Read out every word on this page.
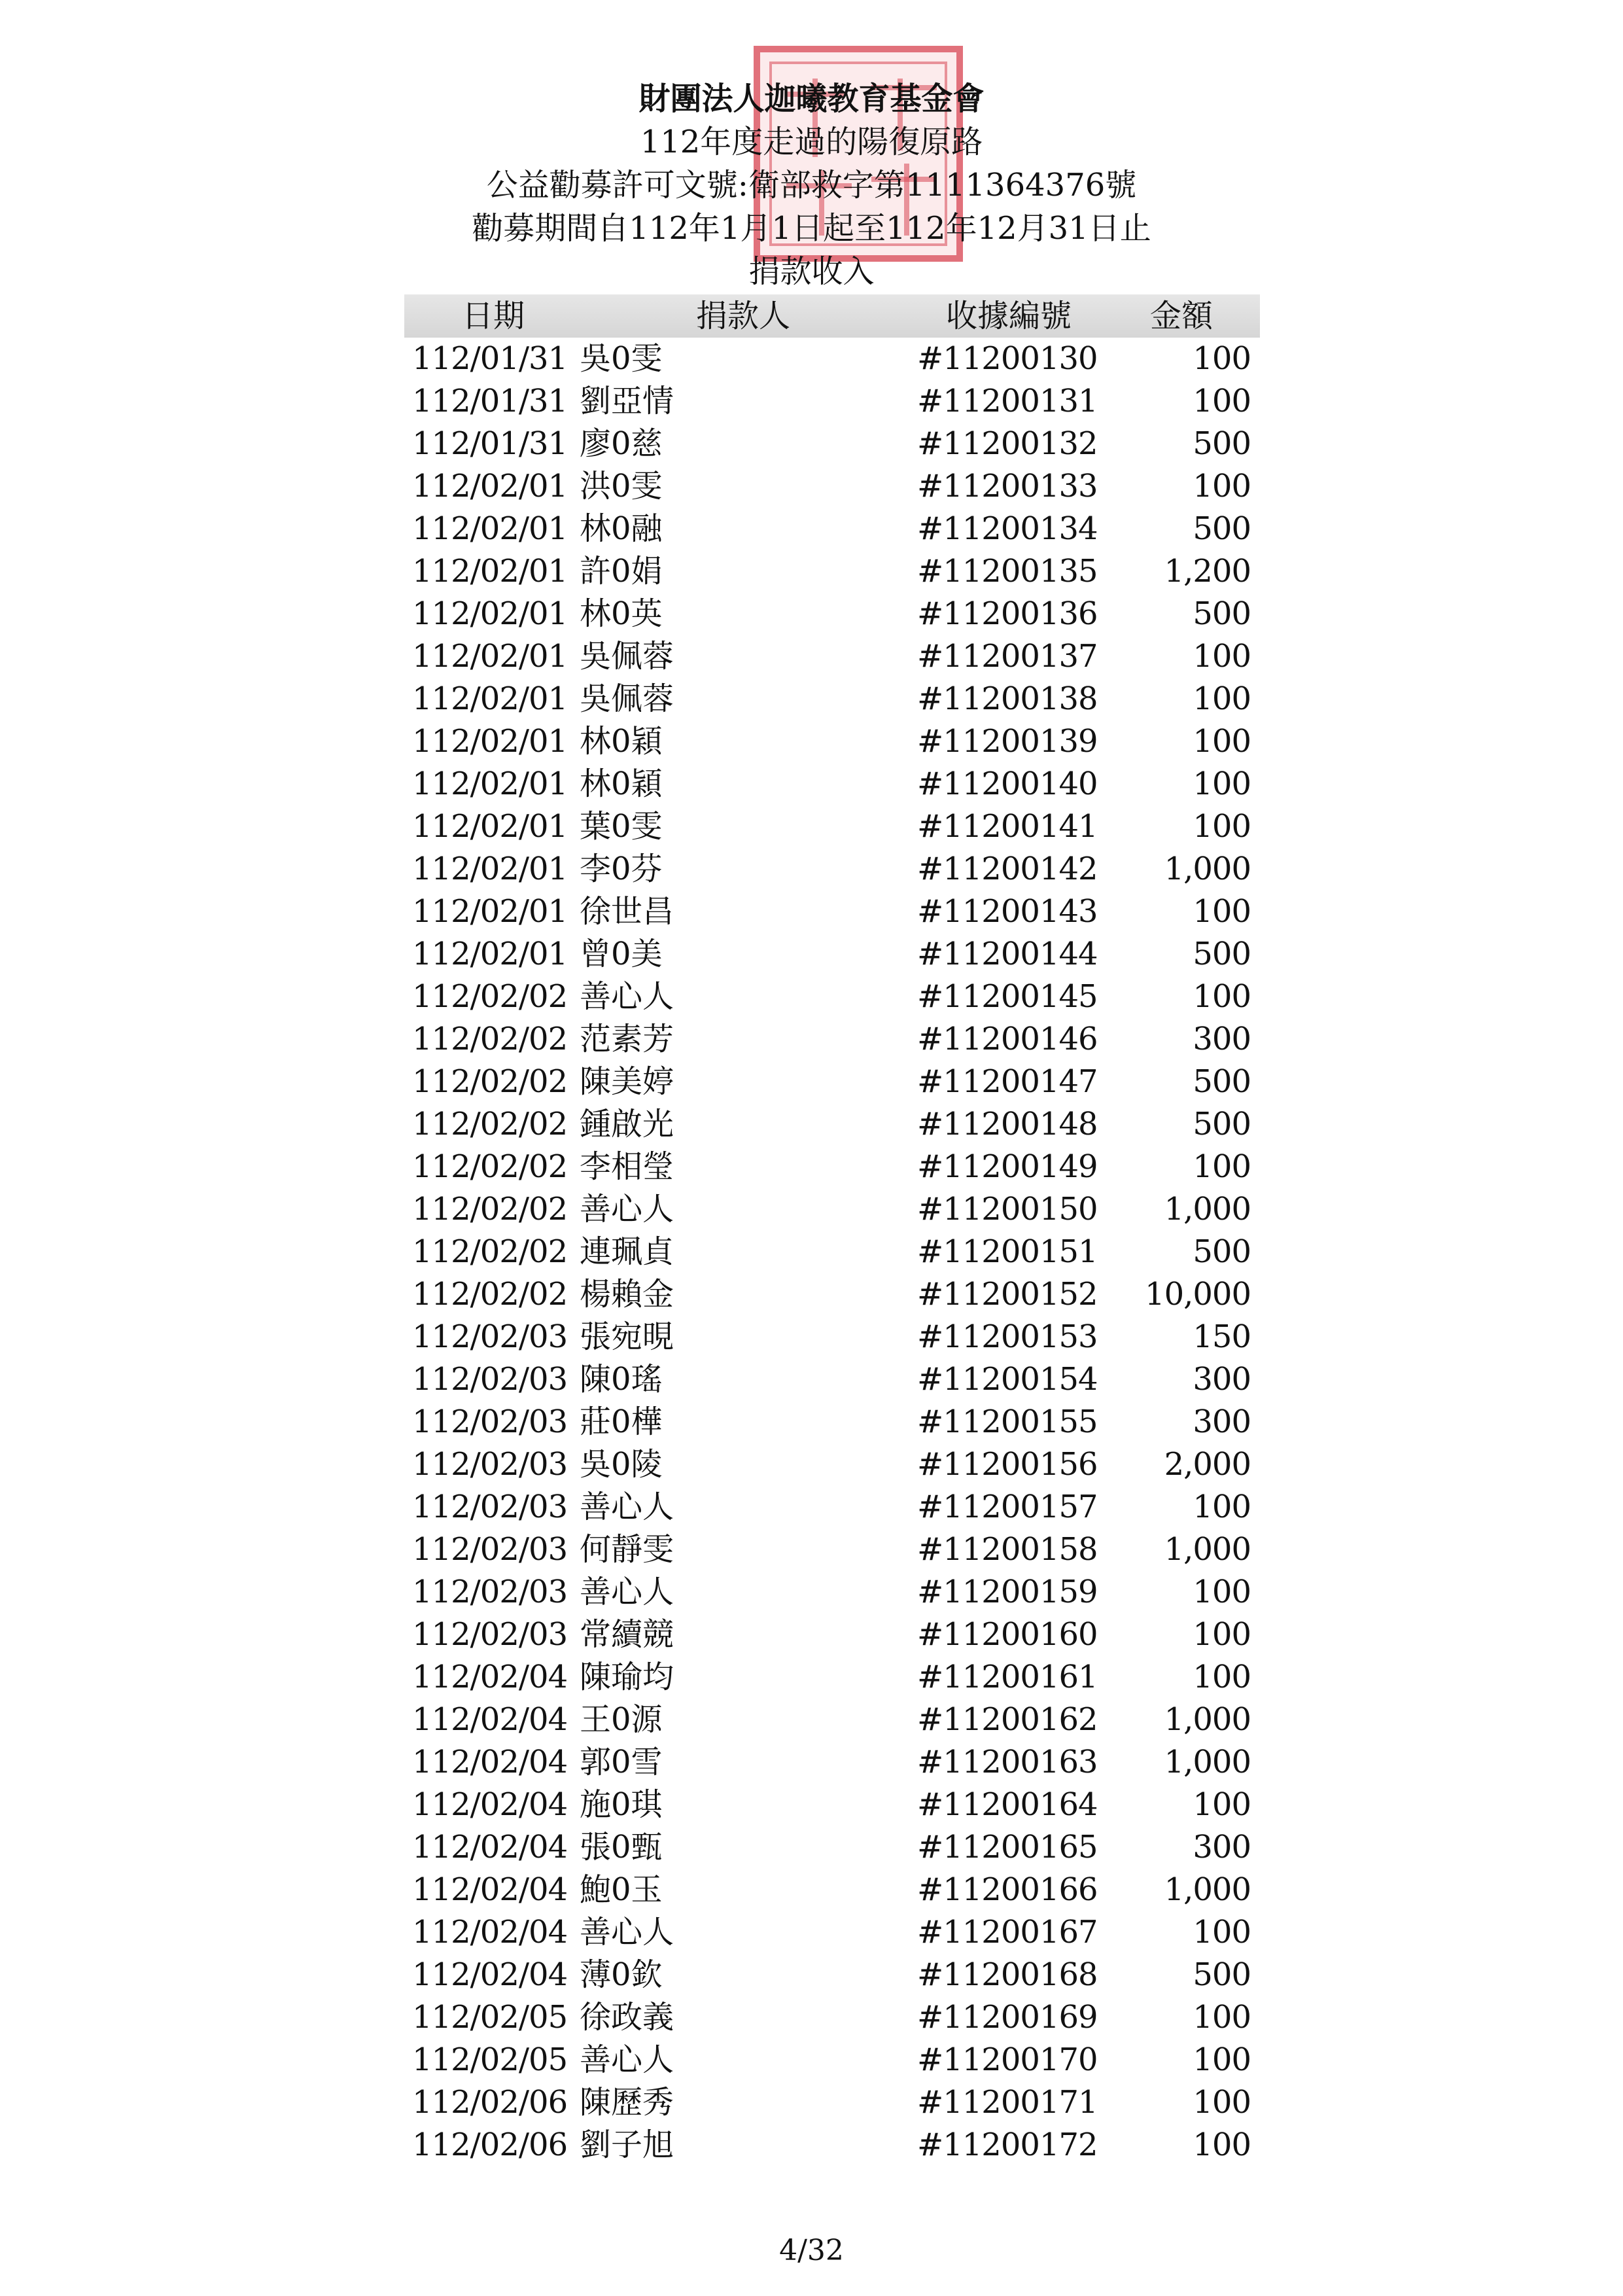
財團法人迦曦教育基金會
112年度走過的陽復原路
公益勸募許可文號:衛部救字第1111364376號
勸募期間自112年1月1日起至112年12月31日止
捐款收入
日期	捐款人	收據編號 金額
112/01/31 吳0雯	#11200130	100
112/01/31 劉亞情	#11200131	100
112/01/31 廖0慈	#11200132	500
112/02/01 洪0雯	#11200133	100
112/02/01 林0融	#11200134	500
112/02/01 許0娟	#11200135 1,200
112/02/01 林0英	#11200136	500
112/02/01 吳佩蓉	#11200137	100
112/02/01 吳佩蓉	#11200138	100
112/02/01 林0穎	#11200139	100
112/02/01 林0穎	#11200140	100
112/02/01 葉0雯	#11200141	100
112/02/01 李0芬	#11200142 1,000
112/02/01 徐世昌	#11200143	100
112/02/01 曾0美	#11200144	500
112/02/02 善心人	#11200145	100
112/02/02 范素芳	#11200146	300
112/02/02 陳美婷	#11200147	500
112/02/02 鍾啟光	#11200148	500
112/02/02 李相瑩	#11200149	100
112/02/02 善心人	#11200150 1,000
112/02/02 連珮貞	#11200151	500
112/02/02 楊賴金	#11200152 10,000
112/02/03 張宛晛	#11200153	150
112/02/03 陳0瑤	#11200154	300
112/02/03 莊0樺	#11200155	300
112/02/03 吳0陵	#11200156 2,000
112/02/03 善心人	#11200157	100
112/02/03 何靜雯	#11200158 1,000
112/02/03 善心人	#11200159	100
112/02/03 常續競	#11200160	100
112/02/04 陳瑜均	#11200161	100
112/02/04 王0源	#11200162 1,000
112/02/04 郭0雪	#11200163 1,000
112/02/04 施0琪	#11200164	100
112/02/04 張0甄	#11200165	300
112/02/04 鮑0玉	#11200166 1,000
112/02/04 善心人	#11200167	100
112/02/04 薄0欽	#11200168	500
112/02/05 徐政義	#11200169	100
112/02/05 善心人	#11200170	100
112/02/06 陳歷秀	#11200171	100
112/02/06 劉子旭	#11200172	100
4/32
